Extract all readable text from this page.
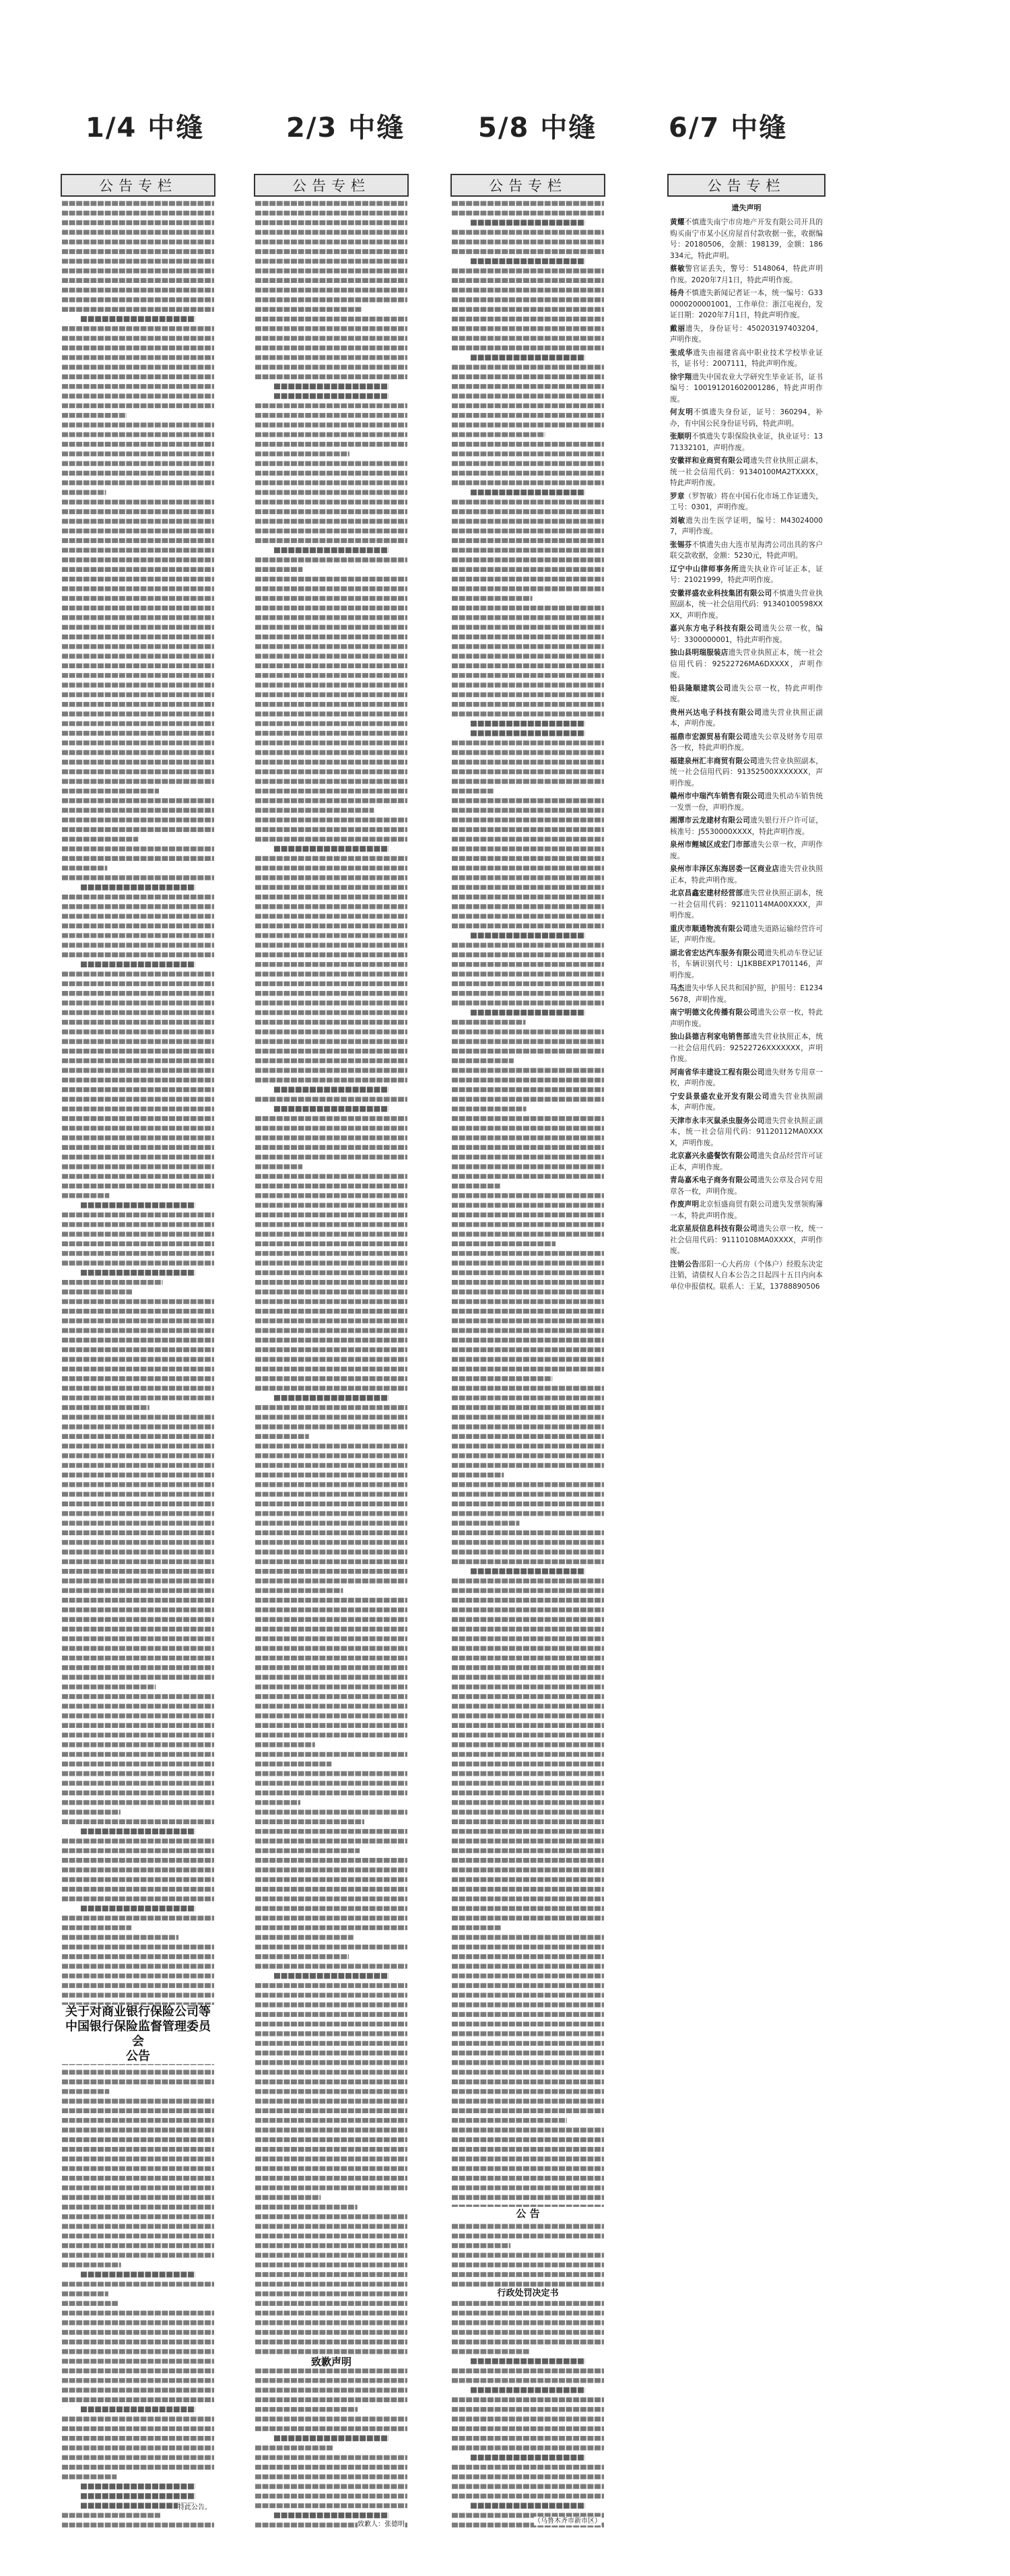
1/4 中缝	2/3 中缝	5/8 中缝	6/7 中缝
公告专栏
关于对商业银行保险公司等
中国银行保险监督管理委员会
公告
特此公告。
公告专栏
致歉声明
致歉人：张德明
公告专栏
公 告
行政处罚决定书
（乌鲁木齐市新市区）
公告专栏
遗失声明
黄耀不慎遗失南宁市房地产开发有限公司开具的购买南宁市某小区房屋首付款收据一张，收据编号：20180506，金额：198139，金额：186334元，特此声明。
蔡敏警官证丢失，警号：5148064，特此声明作废。2020年7月1日，特此声明作废。
杨舟不慎遗失新闻记者证一本，统一编号：G330000200001001，工作单位：浙江电视台，发证日期：2020年7月1日，特此声明作废。
戴丽遗失，身份证号：450203197403204，声明作废。
张成华遗失由福建省高中职业技术学校毕业证书，证书号：2007111，特此声明作废。
徐宇翔遗失中国农业大学研究生毕业证书，证书编号：100191201602001286，特此声明作废。
何友明不慎遗失身份证，证号：360294，补办，有中国公民身份证号码，特此声明。
张顺明不慎遗失专职保险执业证，执业证号：1371332101，声明作废。
安徽祥和业商贸有限公司遗失营业执照正副本，统一社会信用代码：91340100MA2TXXXX，特此声明作废。
罗章（罗智敏）将在中国石化市场工作证遗失，工号：0301，声明作废。
刘敏遗失出生医学证明，编号：M430240007，声明作废。
张锡芬不慎遗失由大连市星海湾公司出具的客户联交款收据，金额：5230元，特此声明。
辽宁中山律师事务所遗失执业许可证正本，证号：21021999，特此声明作废。
安徽祥盛农业科技集团有限公司不慎遗失营业执照副本，统一社会信用代码：91340100598XXXX，声明作废。
嘉兴东方电子科技有限公司遗失公章一枚，编号：3300000001，特此声明作废。
独山县明瑞服装店遗失营业执照正本，统一社会信用代码：92522726MA6DXXXX，声明作废。
铅县隆顺建筑公司遗失公章一枚，特此声明作废。
贵州兴达电子科技有限公司遗失营业执照正副本，声明作废。
福鼎市宏源贸易有限公司遗失公章及财务专用章各一枚，特此声明作废。
福建泉州汇丰商贸有限公司遗失营业执照副本，统一社会信用代码：91352500XXXXXXX，声明作废。
赣州市中瑞汽车销售有限公司遗失机动车销售统一发票一份，声明作废。
湘潭市云龙建材有限公司遗失银行开户许可证，核准号：J5530000XXXX，特此声明作废。
泉州市鲤城区成宏门市部遗失公章一枚，声明作废。
泉州市丰泽区东海居委一区商业店遗失营业执照正本，特此声明作废。
北京昌鑫宏建材经营部遗失营业执照正副本，统一社会信用代码：92110114MA00XXXX，声明作废。
重庆市顺通物流有限公司遗失道路运输经营许可证，声明作废。
湖北省宏达汽车服务有限公司遗失机动车登记证书，车辆识别代号：LJ1KBBEXP1701146，声明作废。
马杰遗失中华人民共和国护照，护照号：E12345678，声明作废。
南宁明德文化传播有限公司遗失公章一枚，特此声明作废。
独山县德吉利家电销售部遗失营业执照正本，统一社会信用代码：92522726XXXXXXX，声明作废。
河南省华丰建设工程有限公司遗失财务专用章一枚，声明作废。
宁安县景盛农业开发有限公司遗失营业执照副本，声明作废。
天津市永丰灭鼠杀虫服务公司遗失营业执照正副本，统一社会信用代码：91120112MA0XXXX，声明作废。
北京嘉兴永盛餐饮有限公司遗失食品经营许可证正本，声明作废。
青岛嘉禾电子商务有限公司遗失公章及合同专用章各一枚，声明作废。
作废声明北京恒盛商贸有限公司遗失发票领购簿一本，特此声明作废。
北京星辰信息科技有限公司遗失公章一枚，统一社会信用代码：91110108MA0XXXX，声明作废。
注销公告邵阳一心大药房（个体户）经股东决定注销，请债权人自本公告之日起四十五日内向本单位申报债权。联系人：王某，13788890506
